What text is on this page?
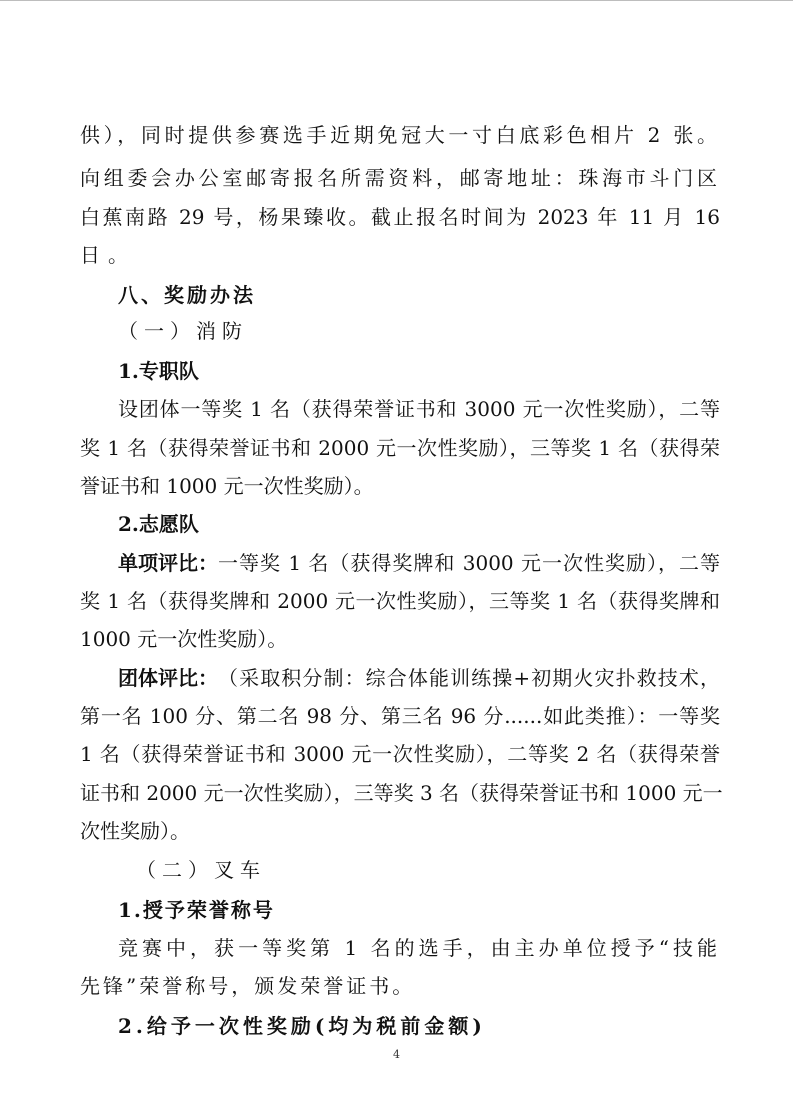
供），同时提供参赛选手近期免冠大一寸白底彩色相片 2 张。
向组委会办公室邮寄报名所需资料，邮寄地址：珠海市斗门区
白蕉南路 29 号，杨果臻收。截止报名时间为 2023 年 11 月 16
日。
八、奖励办法
（一）消防
1.专职队
设团体一等奖 1 名（获得荣誉证书和 3000 元一次性奖励），二等
奖 1 名（获得荣誉证书和 2000 元一次性奖励），三等奖 1 名（获得荣
誉证书和 1000 元一次性奖励）。
2.志愿队
单项评比： 一等奖 1 名（获得奖牌和 3000 元一次性奖励），二等
奖 1 名（获得奖牌和 2000 元一次性奖励），三等奖 1 名（获得奖牌和
1000 元一次性奖励）。
团体评比： （采取积分制：综合体能训练操+初期火灾扑救技术，
第一名 100 分、第二名 98 分、第三名 96 分......如此类推）：一等奖
1 名（获得荣誉证书和 3000 元一次性奖励），二等奖 2 名（获得荣誉
证书和 2000 元一次性奖励），三等奖 3 名（获得荣誉证书和 1000 元一
次性奖励）。
（二）叉车
1.授予荣誉称号
竞赛中，获一等奖第 1 名的选手，由主办单位授予“技能
先锋”荣誉称号，颁发荣誉证书。
2.给予一次性奖励(均为税前金额)
4
